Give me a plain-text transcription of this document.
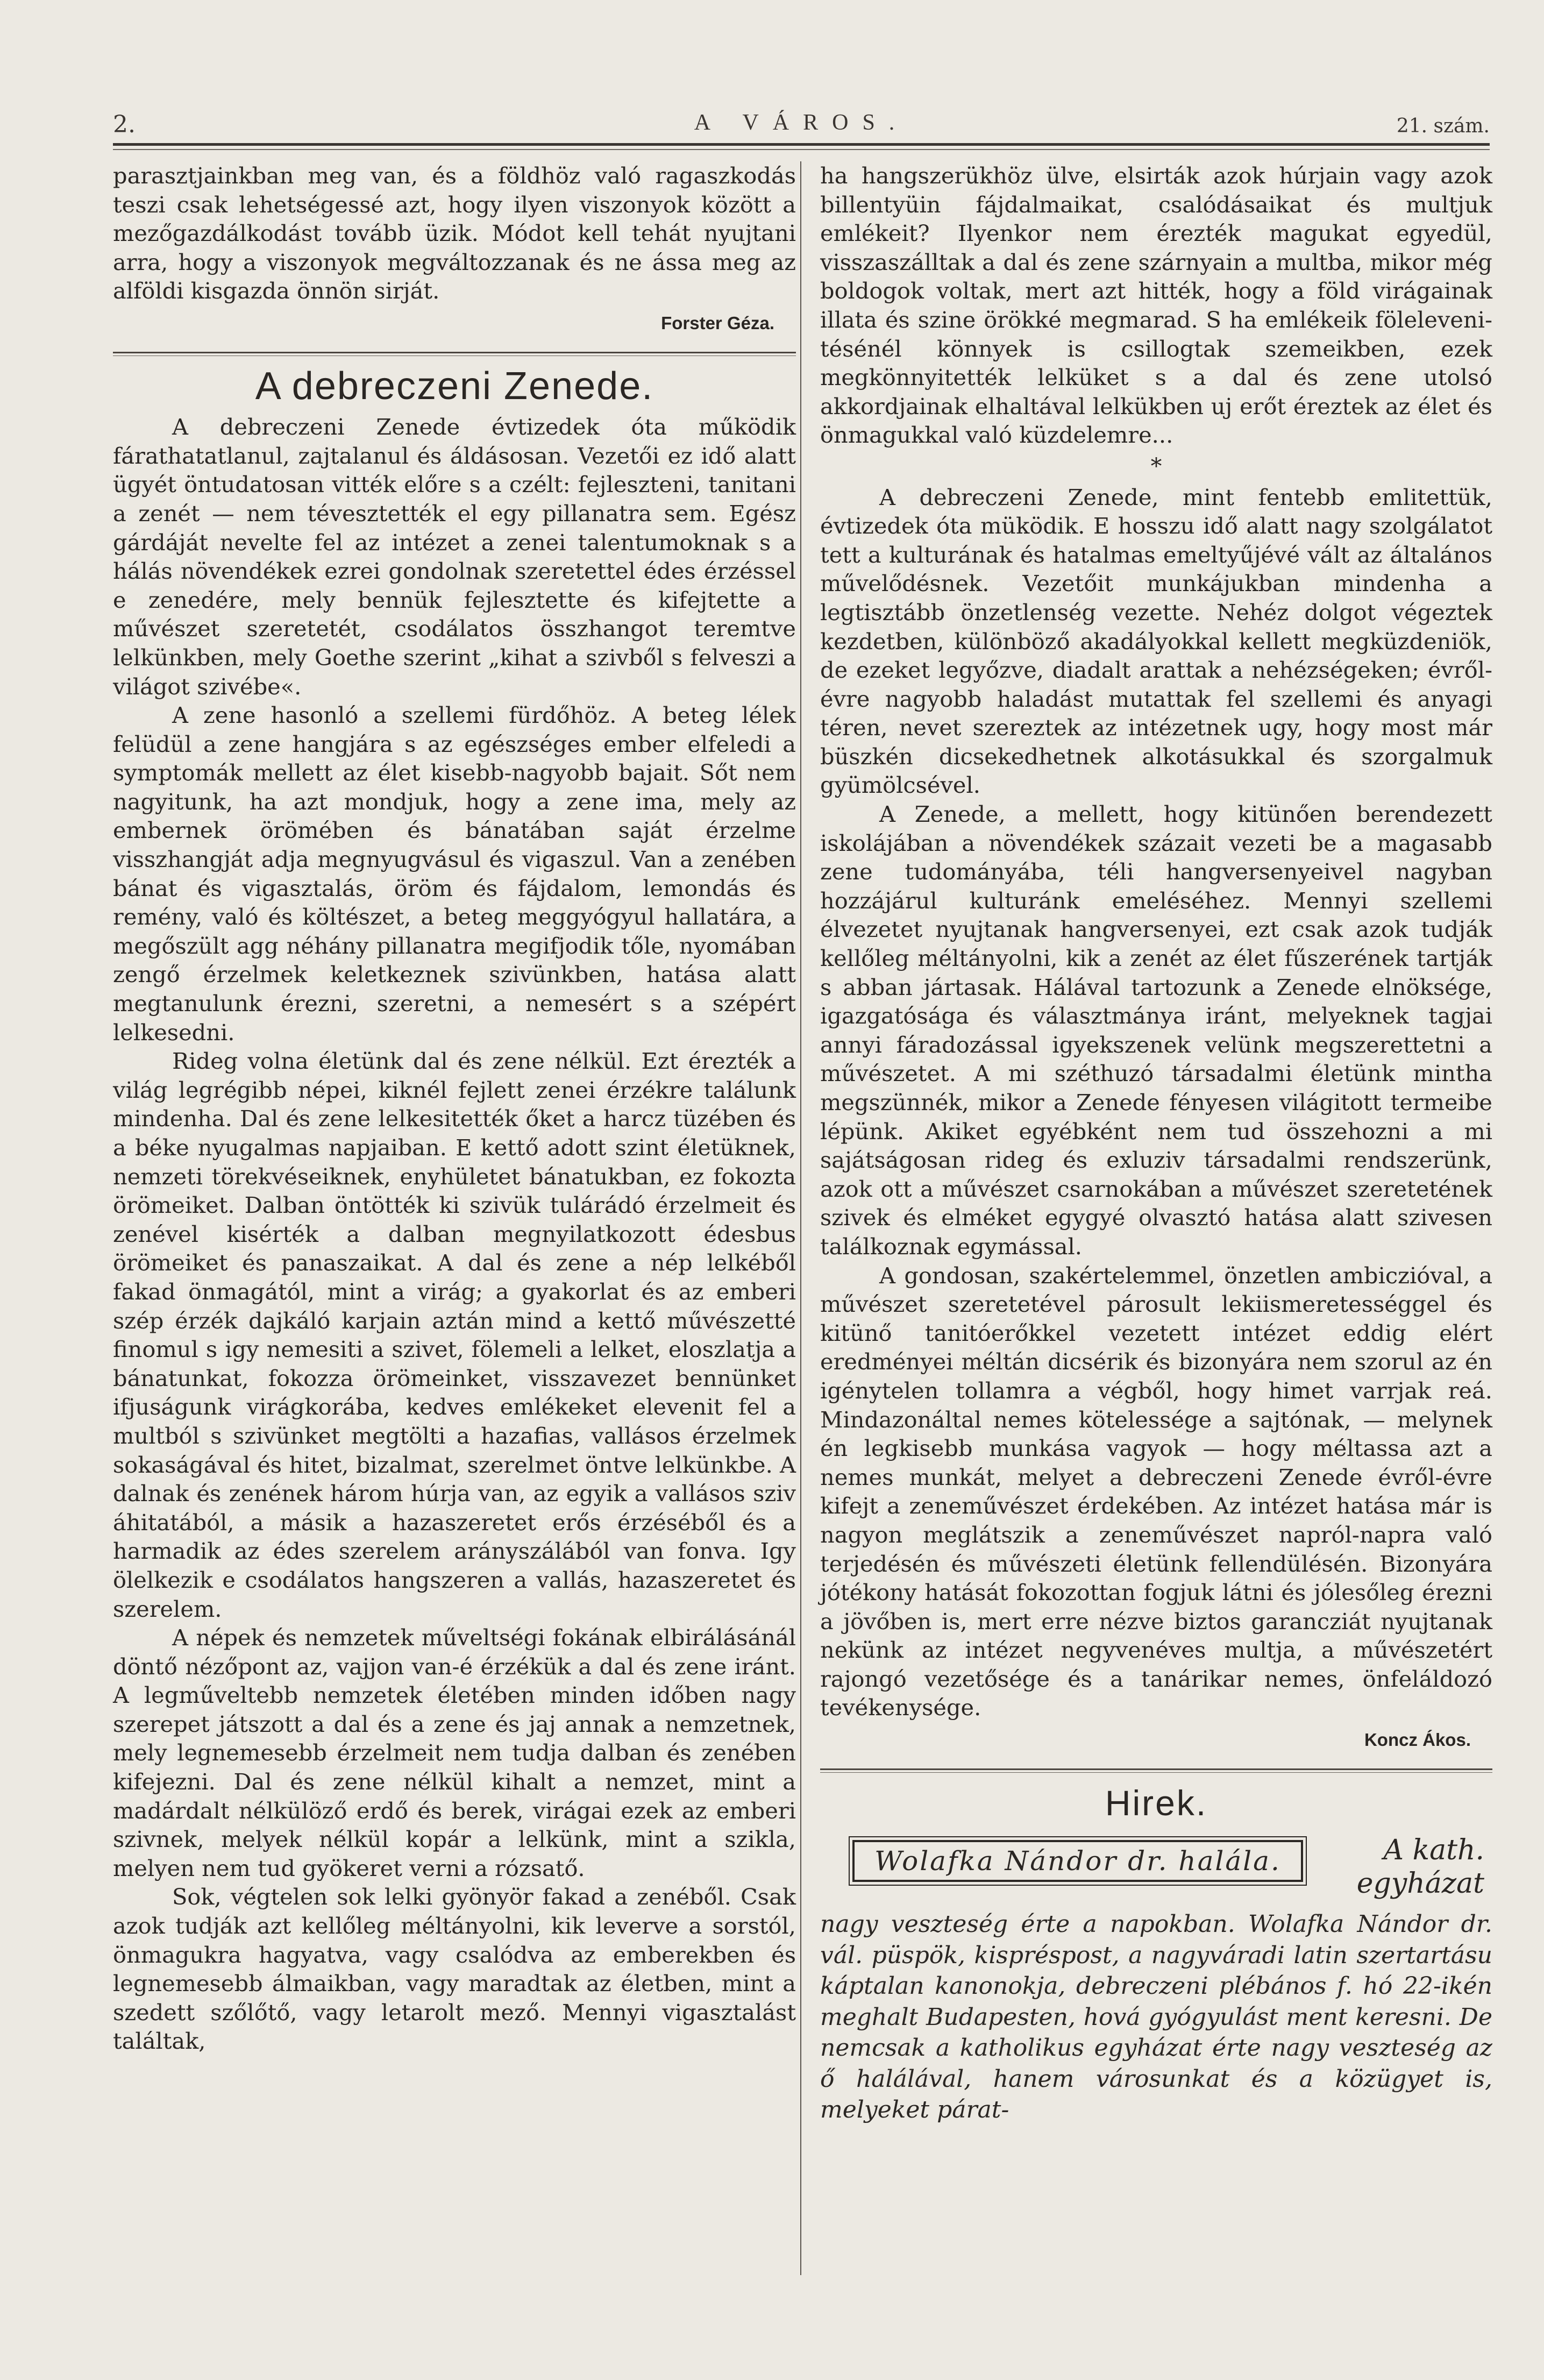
2.	A VÁROS.	21. szám.

parasztjainkban meg van, és a földhöz való ragaszkodás teszi csak lehetségessé azt, hogy ilyen viszonyok között a mezőgazdálkodást tovább üzik. Módot kell tehát nyujtani arra, hogy a viszonyok megváltozzanak és ne ássa meg az alföldi kisgazda önnön sirját.

Forster Géza.
A debreczeni Zenede.

A debreczeni Zenede évtizedek óta működik fárathatatlanul, zajtalanul és áldásosan. Vezetői ez idő alatt ügyét öntudatosan vitték előre s a czélt: fejleszteni, tanitani a zenét — nem tévesztették el egy pillanatra sem. Egész gárdáját nevelte fel az intézet a zenei talentumoknak s a hálás növendékek ezrei gondolnak szeretettel édes érzéssel e zenedére, mely bennük fejlesztette és kifejtette a művészet szeretetét, csodálatos összhangot teremtve lelkünkben, mely Goethe szerint „kihat a szivből s felveszi a világot szivébe«.

A zene hasonló a szellemi fürdőhöz. A beteg lélek felüdül a zene hangjára s az egészséges ember elfeledi a symptomák mellett az élet kisebb-nagyobb bajait. Sőt nem nagyitunk, ha azt mondjuk, hogy a zene ima, mely az embernek örömében és bánatában saját érzelme visszhangját adja megnyugvásul és vigaszul. Van a zenében bánat és vigasztalás, öröm és fájdalom, lemondás és remény, való és költészet, a beteg meggyógyul hallatára, a megőszült agg néhány pillanatra megifjodik tőle, nyomában zengő érzelmek keletkeznek szivünkben, hatása alatt megtanulunk érezni, szeretni, a nemesért s a szépért lelkesedni.

Rideg volna életünk dal és zene nélkül. Ezt érezték a világ legrégibb népei, kiknél fejlett zenei érzékre találunk mindenha. Dal és zene lelkesitették őket a harcz tüzében és a béke nyugalmas napjaiban. E kettő adott szint életüknek, nemzeti törekvéseiknek, enyhületet bánatukban, ez fokozta örömeiket. Dalban öntötték ki szivük tulárádó érzelmeit és zenével kisérték a dalban megnyilatkozott édesbus örömeiket és panaszaikat. A dal és zene a nép lelkéből fakad önmagától, mint a virág; a gyakorlat és az emberi szép érzék dajkáló karjain aztán mind a kettő művészetté finomul s igy nemesiti a szivet, fölemeli a lelket, eloszlatja a bánatunkat, fokozza örömeinket, visszavezet bennünket ifjuságunk virágkorába, kedves emlékeket elevenit fel a multból s szivünket megtölti a hazafias, vallásos érzelmek sokaságával és hitet, bizalmat, szerelmet öntve lelkünkbe. A dalnak és zenének három húrja van, az egyik a vallásos sziv áhitatából, a másik a hazaszeretet erős érzéséből és a harmadik az édes szerelem arányszálából van fonva. Igy ölelkezik e csodálatos hangszeren a vallás, hazaszeretet és szerelem.

A népek és nemzetek műveltségi fokának elbirálásánál döntő nézőpont az, vajjon van-é érzékük a dal és zene iránt. A legműveltebb nemzetek életében minden időben nagy szerepet játszott a dal és a zene és jaj annak a nemzetnek, mely legnemesebb érzelmeit nem tudja dalban és zenében kifejezni. Dal és zene nélkül kihalt a nemzet, mint a madárdalt nélkülöző erdő és berek, virágai ezek az emberi szivnek, melyek nélkül kopár a lelkünk, mint a szikla, melyen nem tud gyökeret verni a rózsatő.

Sok, végtelen sok lelki gyönyör fakad a zenéből. Csak azok tudják azt kellőleg méltányolni, kik leverve a sorstól, önmagukra hagyatva, vagy csalódva az emberekben és legnemesebb álmaikban, vagy maradtak az életben, mint a szedett szőlőtő, vagy letarolt mező. Mennyi vigasztalást találtak,

ha hangszerükhöz ülve, elsirták azok húrjain vagy azok billentyüin fájdalmaikat, csalódásaikat és multjuk emlékeit? Ilyenkor nem érezték magukat egyedül, visszaszálltak a dal és zene szárnyain a multba, mikor még boldogok voltak, mert azt hitték, hogy a föld virágainak illata és szine örökké megmarad. S ha emlékeik fölelevenitésénél könnyek is csillogtak szemeikben, ezek megkönnyitették lelküket s a dal és zene utolsó akkordjainak elhaltával lelkükben uj erőt éreztek az élet és önmagukkal való küzdelemre...

*

A debreczeni Zenede, mint fentebb emlitettük, évtizedek óta müködik. E hosszu idő alatt nagy szolgálatot tett a kulturának és hatalmas emeltyűjévé vált az általános művelődésnek. Vezetőit munkájukban mindenha a legtisztább önzetlenség vezette. Nehéz dolgot végeztek kezdetben, különböző akadályokkal kellett megküzdeniök, de ezeket legyőzve, diadalt arattak a nehézségeken; évről-évre nagyobb haladást mutattak fel szellemi és anyagi téren, nevet szereztek az intézetnek ugy, hogy most már büszkén dicsekedhetnek alkotásukkal és szorgalmuk gyümölcsével.

A Zenede, a mellett, hogy kitünően berendezett iskolájában a növendékek százait vezeti be a magasabb zene tudományába, téli hangversenyeivel nagyban hozzájárul kulturánk emeléséhez. Mennyi szellemi élvezetet nyujtanak hangversenyei, ezt csak azok tudják kellőleg méltányolni, kik a zenét az élet fűszerének tartják s abban jártasak. Hálával tartozunk a Zenede elnöksége, igazgatósága és választmánya iránt, melyeknek tagjai annyi fáradozással igyekszenek velünk megszerettetni a művészetet. A mi széthuzó társadalmi életünk mintha megszünnék, mikor a Zenede fényesen világitott termeibe lépünk. Akiket egyébként nem tud összehozni a mi sajátságosan rideg és exluziv társadalmi rendszerünk, azok ott a művészet csarnokában a művészet szeretetének szivek és elméket egygyé olvasztó hatása alatt szivesen találkoznak egymással.

A gondosan, szakértelemmel, önzetlen ambiczióval, a művészet szeretetével párosult lekiismeretességgel és kitünő tanitóerőkkel vezetett intézet eddig elért eredményei méltán dicsérik és bizonyára nem szorul az én igénytelen tollamra a végből, hogy himet varrjak reá. Mindazonáltal nemes kötelessége a sajtónak, — melynek én legkisebb munkása vagyok — hogy méltassa azt a nemes munkát, melyet a debreczeni Zenede évről-évre kifejt a zeneművészet érdekében. Az intézet hatása már is nagyon meglátszik a zeneművészet napról-napra való terjedésén és művészeti életünk fellendülésén. Bizonyára jótékony hatását fokozottan fogjuk látni és jólesőleg érezni a jövőben is, mert erre nézve biztos garancziát nyujtanak nekünk az intézet negyvenéves multja, a művészetért rajongó vezetősége és a tanárikar nemes, önfeláldozó tevékenysége.

Koncz Ákos.
Hirek.
Wolafka Nándor dr. halála.	A kath.
egyházat

nagy veszteség érte a napokban. Wolafka Nándor dr. vál. püspök, kispréspost, a nagyváradi latin szertartásu káptalan kanonokja, debreczeni plébános f. hó 22-ikén meghalt Budapesten, hová gyógyulást ment keresni. De nemcsak a katholikus egyházat érte nagy veszteség az ő halálával, hanem városunkat és a közügyet is, melyeket párat-
